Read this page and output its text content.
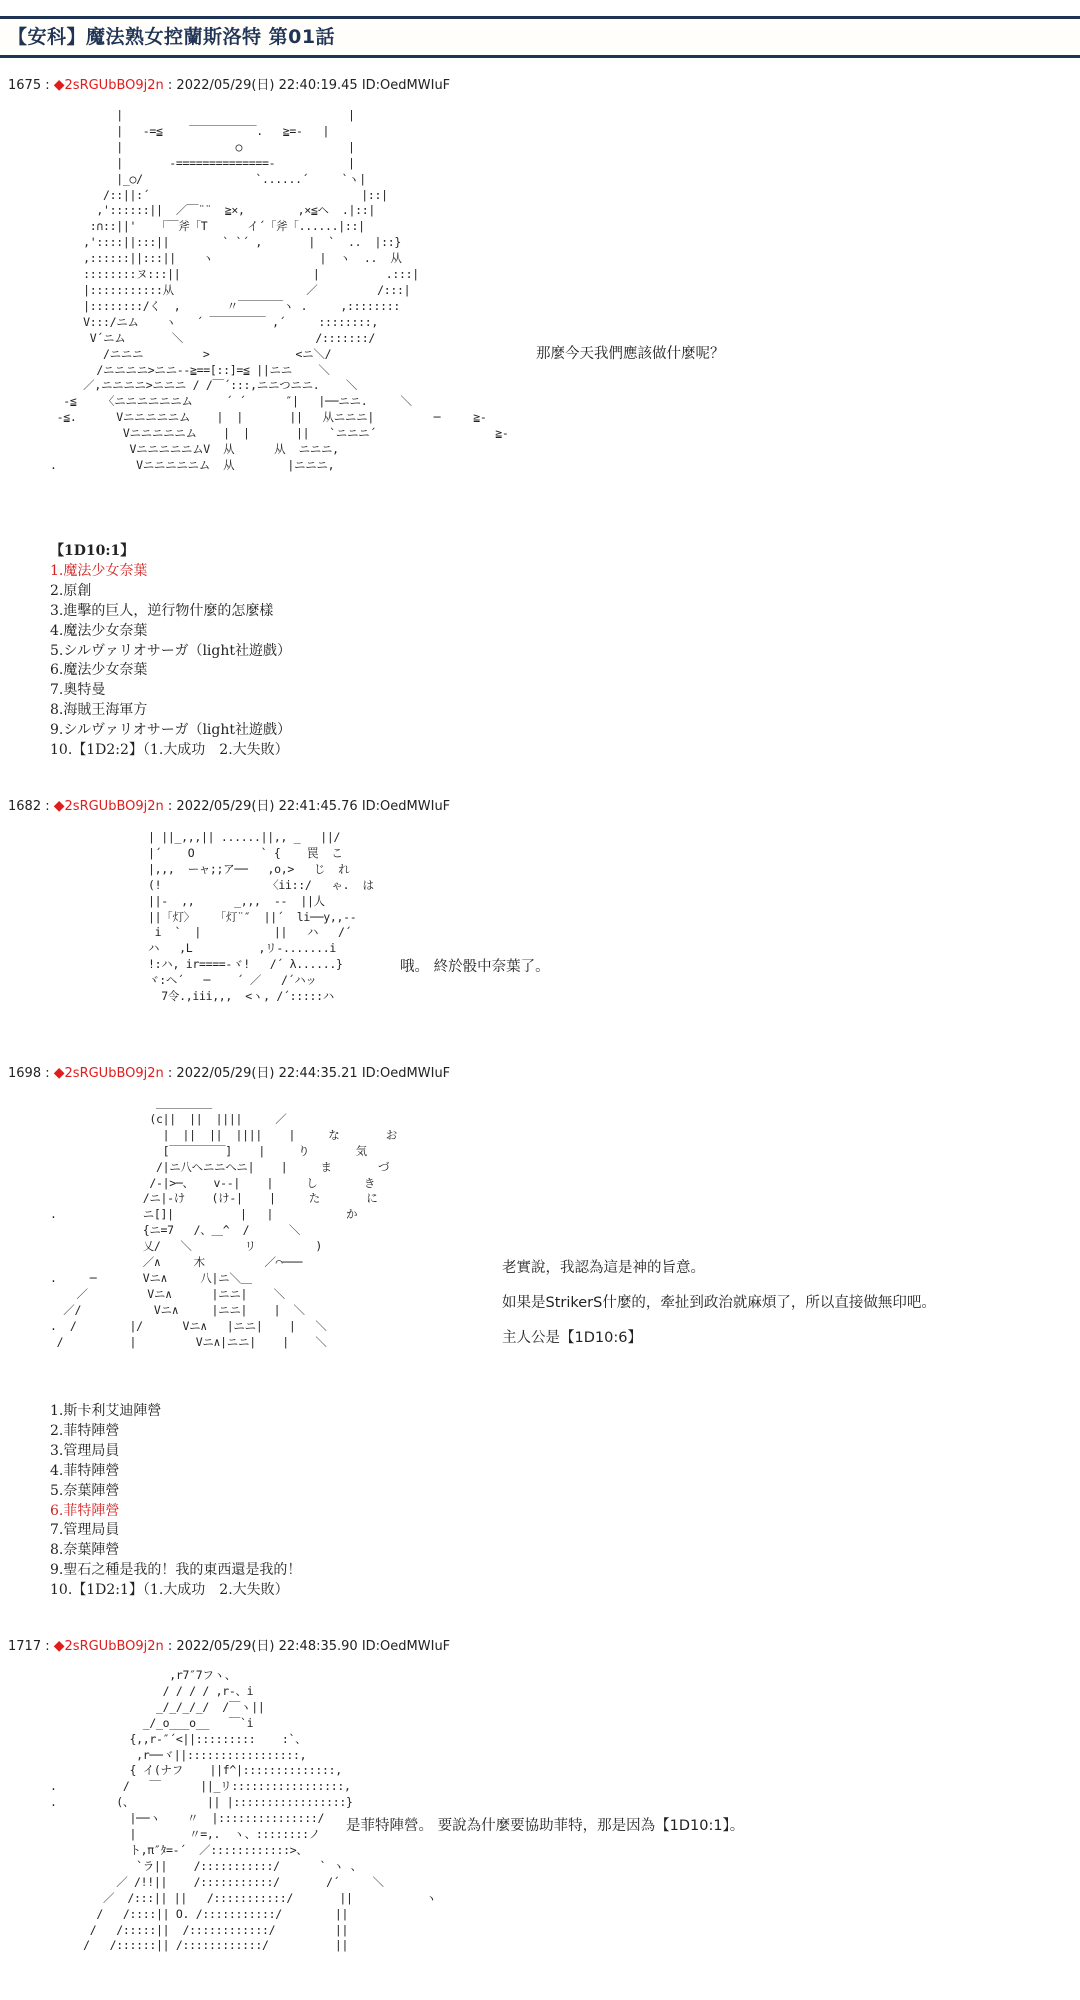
【安科】魔法熟女控蘭斯洛特 第01話
1675 : ◆2sRGUbBO9j2n : 2022/05/29(日) 22:40:19.45 ID:OedMWIuF
|                                  |
|   -=≦    ￣￣￣￣￣￣.   ≧=-   |
|                 ○                |
|       -==============-           |
|_○/                 `......´     `ヽ|
/::||:´                                |::|
,'::::::||  ／￣¨¨  ≧×,        ,×≦ヘ  .|::|
:∩::||'   「￣斧「T      イ´「斧「......|::|
,'::::||:::||        ` `´ ,       |  `  ..  |::}
,::::::||:::||    ヽ                |  ヽ  ..  从
::::::::ヌ:::||                    |          .:::|
|:::::::::::从                    ／         /:::|
|::::::::/く  ,       〃￣￣￣￣ヽ .     ,::::::::
V:::/ニム    ヽ   ´ ￣￣￣￣￣ ,´     ::::::::,
V´ニム       ＼                    /:::::::/
/ニニニ         >             <ニ＼/
/ニニニニ>ニニ--≧==[::]=≦ ||ニニ    ＼
／,ニニニニ>ニニニ / /￣´:::,ニニつニニ.    ＼
-≦    〈ニニニニニニム     ´ ´      ″|   |──ニニ.     ＼
-≦.      Vニニニニニム    |  |       ||   从ニニニ|         ─     ≧-
Vニニニニニム    |  |       ||   `ニニニ´                  ≧-
VニニニニニムV  从      从  ニニニ,
.            Vニニニニニム  从        |ニニニ,

那麼今天我們應該做什麼呢？

【1D10:1】
1.魔法少女奈葉
2.原創
3.進擊的巨人，逆行物什麼的怎麼樣
4.魔法少女奈葉
5.シルヴァリオサーガ（light社遊戲）
6.魔法少女奈葉
7.奧特曼
8.海賊王海軍方
9.シルヴァリオサーガ（light社遊戲）
10.【1D2:2】（1.大成功　2.大失敗）
1682 : ◆2sRGUbBO9j2n : 2022/05/29(日) 22:41:45.76 ID:OedMWIuF
| ||_,,,|| ......||,, _   ||/
|´    O          ` {    罠  こ
|,,,  ーャ;;ア──   ,o,>   じ  れ
(!                〈ii::/   ゃ.  は
||-  ,,      _,,,  --  ||人
||「灯〉   「灯¨″  ||´  li──y,,--
i  `  |           ||   ハ   /´
ハ   ,L          ,リ-.......i
!:ハ, ir====-ヾ!   /´ λ......}
ヾ:ヘ´   ─    ´ ／   /´ハッ
7令.,iii,,,  <ヽ, /´:::::ハ

哦。 終於骰中奈葉了。

1698 : ◆2sRGUbBO9j2n : 2022/05/29(日) 22:44:35.21 ID:OedMWIuF
＿＿＿＿＿
(c||  ||  ||||     ／
|  ||  ||  ||||    |     な       お
[￣￣￣￣￣]    |     り       気
/|ニ八へニニへニ|    |     ま       づ
/-|>─、   v--|    |     し       き
/ニ|-け    (け-|    |     た       に
.             ニ[]|          |   |           か
{ニ=7   /、＿^  /      ＼
乂/   ＼        リ         )
／∧     木         ／⌒───
.     ─       Vニ∧     八|ニ＼＿
／         Vニ∧      |ニニ|    ＼
／/           Vニ∧     |ニニ|    |  ＼
.  /        |/      Vニ∧   |ニニ|    |   ＼
/          |         Vニ∧|ニニ|    |    ＼

老實說，我認為這是神的旨意。

如果是StrikerS什麼的，牽扯到政治就麻煩了，所以直接做無印吧。

主人公是【1D10:6】

1.斯卡利艾迪陣營
2.菲特陣營
3.管理局員
4.菲特陣營
5.奈葉陣營
6.菲特陣營
7.管理局員
8.奈葉陣營
9.聖石之種是我的！我的東西還是我的！
10.【1D2:1】（1.大成功　2.大失敗）
1717 : ◆2sRGUbBO9j2n : 2022/05/29(日) 22:48:35.90 ID:OedMWIuF
,r7″7フヽ、
/ / / / ,r-、i
_/_/_/_/  /￣ヽ||
_/_o___o__   ￣`i
{,,r-″´<||:::::::::    :`、
,r──ヾ||:::::::::::::::::,
{ イ(ナフ    ||f^|::::::::::::::,
.          /   ￣      ||_リ:::::::::::::::::,
.         (、           || |:::::::::::::::::}
|──ヽ    〃  |:::::::::::::::/
|        〃=,.  ヽ、::::::::ノ
ト,π″ﾀ=-´  ／::::::::::::>、
`ラ||    /:::::::::::/      ` ヽ 、
／ /!!||    /:::::::::::/       /´     ＼
／  /:::|| ||   /:::::::::::/       ||           ヽ
/   /::::|| O. /:::::::::::/        ||
/   /:::::||  /::::::::::::/         ||
/   /::::::|| /::::::::::::/          ||

是菲特陣營。 要說為什麼要協助菲特，那是因為【1D10:1】。
